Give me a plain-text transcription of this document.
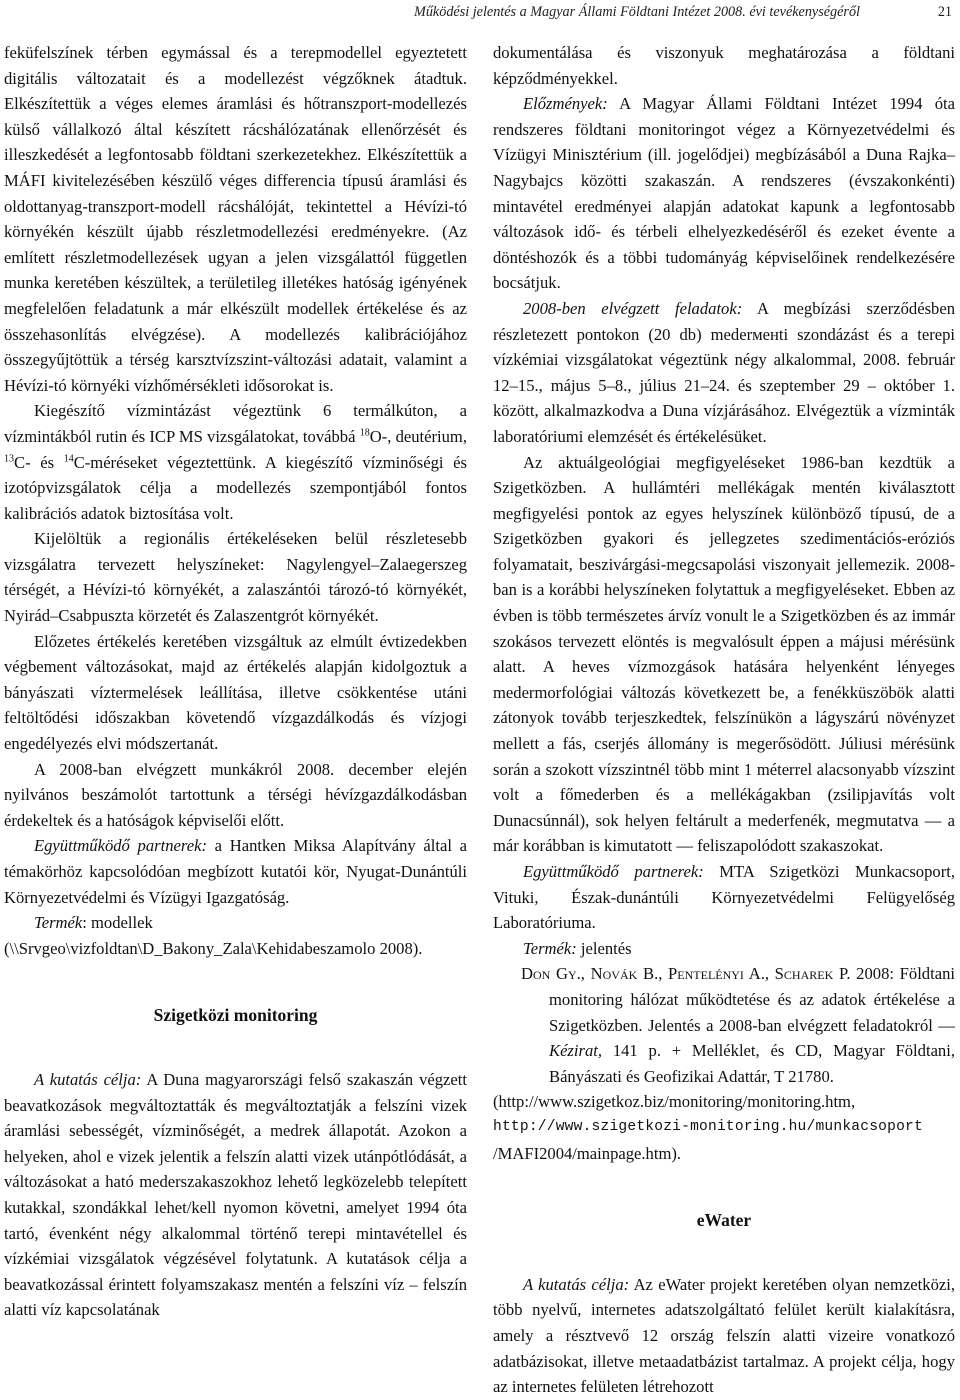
Működési jelentés a Magyar Állami Földtani Intézet 2008. évi tevékenységéről	21

feküfelszínek térben egymással és a terepmodellel egyeztetett digitális változatait és a modellezést végzőknek átadtuk. Elkészítettük a véges elemes áramlási és hőtranszport-modellezés külső vállalkozó által készített rácshálózatának ellenőrzését és illeszkedését a legfontosabb földtani szerkezetekhez. Elkészítettük a MÁFI kivitelezésében készülő véges differencia típusú áramlási és oldottanyag-transzport-modell rácshálóját, tekintettel a Hévízi-tó környékén készült újabb részletmodellezési eredményekre. (Az említett részletmodellezések ugyan a jelen vizsgálattól független munka keretében készültek, a területileg illetékes hatóság igényének megfelelően feladatunk a már elkészült modellek értékelése és az összehasonlítás elvégzése). A modellezés kalibrációjához összegyűjtöttük a térség karsztvízszint-változási adatait, valamint a Hévízi-tó környéki vízhőmérsékleti idősorokat is.

Kiegészítő vízmintázást végeztünk 6 termálkúton, a vízmintákból rutin és ICP MS vizsgálatokat, továbbá $^{18}$O-, deutérium, $^{13}$C- és $^{14}$C-méréseket végeztettünk. A kiegészítő vízminőségi és izotópvizsgálatok célja a modellezés szempontjából fontos kalibrációs adatok biztosítása volt.

Kijelöltük a regionális értékeléseken belül részletesebb vizsgálatra tervezett helyszíneket: Nagylengyel–Zalaegerszeg térségét, a Hévízi-tó környékét, a zalaszántói tározó-tó környékét, Nyirád–Csabpuszta körzetét és Zalaszentgrót környékét.

Előzetes értékelés keretében vizsgáltuk az elmúlt évtizedekben végbement változásokat, majd az értékelés alapján kidolgoztuk a bányászati víztermelések leállítása, illetve csökkentése utáni feltöltődési időszakban követendő vízgazdálkodás és vízjogi engedélyezés elvi módszertanát.

A 2008-ban elvégzett munkákról 2008. december elején nyilvános beszámolót tartottunk a térségi hévízgazdálkodásban érdekeltek és a hatóságok képviselői előtt.

Együttműködő partnerek: a Hantken Miksa Alapítvány által a témakörhöz kapcsolódóan megbízott kutatói kör, Nyugat-Dunántúli Környezetvédelmi és Vízügyi Igazgatóság.

Termék: modellek

(\\Srvgeo\vizfoldtan\D_Bakony_Zala\Kehidabeszamolo 2008).

Szigetközi monitoring

A kutatás célja: A Duna magyarországi felső szakaszán végzett beavatkozások megváltoztatták és megváltoztatják a felszíni vizek áramlási sebességét, vízminőségét, a medrek állapotát. Azokon a helyeken, ahol e vizek jelentik a felszín alatti vizek utánpótlódását, a változásokat a ható mederszakaszokhoz lehető legközelebb telepített kutakkal, szondákkal lehet/kell nyomon követni, amelyet 1994 óta tartó, évenként négy alkalommal történő terepi mintavétellel és vízkémiai vizsgálatok végzésével folytatunk. A kutatások célja a beavatkozással érintett folyamszakasz mentén a felszíni víz – felszín alatti víz kapcsolatának

dokumentálása és viszonyuk meghatározása a földtani képződményekkel.

Előzmények: A Magyar Állami Földtani Intézet 1994 óta rendszeres földtani monitoringot végez a Környezetvédelmi és Vízügyi Minisztérium (ill. jogelődjei) megbízásából a Duna Rajka–Nagybajcs közötti szakaszán. A rendszeres (évszakonkénti) mintavétel eredményei alapján adatokat kapunk a legfontosabb változások idő- és térbeli elhelyezkedéséről és ezeket évente a döntéshozók és a többi tudományág képviselőinek rendelkezésére bocsátjuk.

2008-ben elvégzett feladatok: A megbízási szerződésben részletezett pontokon (20 db) mederменti szondázást és a terepi vízkémiai vizsgálatokat végeztünk négy alkalommal, 2008. február 12–15., május 5–8., július 21–24. és szeptember 29 – október 1. között, alkalmazkodva a Duna vízjárásához. Elvégeztük a vízminták laboratóriumi elemzését és értékelésüket.

Az aktuálgeológiai megfigyeléseket 1986-ban kezdtük a Szigetközben. A hullámtéri mellékágak mentén kiválasztott megfigyelési pontok az egyes helyszínek különböző típusú, de a Szigetközben gyakori és jellegzetes szedimentációs-eróziós folyamatait, beszivárgási-megcsapolási viszonyait jellemezik. 2008-ban is a korábbi helyszíneken folytattuk a megfigyeléseket. Ebben az évben is több természetes árvíz vonult le a Szigetközben és az immár szokásos tervezett elöntés is megvalósult éppen a májusi mérésünk alatt. A heves vízmozgások hatására helyenként lényeges medermorfológiai változás következett be, a fenékküszöbök alatti zátonyok tovább terjeszkedtek, felszínükön a lágyszárú növényzet mellett a fás, cserjés állomány is megerősödött. Júliusi mérésünk során a szokott vízszintnél több mint 1 méterrel alacsonyabb vízszint volt a főmederben és a mellékágakban (zsilipjavítás volt Dunacsúnnál), sok helyen feltárult a mederfenék, megmutatva — a már korábban is kimutatott — feliszapolódott szakaszokat.

Együttműködő partnerek: MTA Szigetközi Munkacsoport, Vituki, Észak-dunántúli Környezetvédelmi Felügyelőség Laboratóriuma.

Termék: jelentés

Don Gy., Novák B., Pentelényi A., Scharek P. 2008: Földtani monitoring hálózat működtetése és az adatok értékelése a Szigetközben. Jelentés a 2008-ban elvégzett feladatokról — Kézirat, 141 p. + Melléklet, és CD, Magyar Földtani, Bányászati és Geofizikai Adattár, T 21780.

(http://www.szigetkoz.biz/monitoring/monitoring.htm,

http://www.szigetkozi-monitoring.hu/munkacsoport

/MAFI2004/mainpage.htm).

eWater

A kutatás célja: Az eWater projekt keretében olyan nemzetközi, több nyelvű, internetes adatszolgáltató felület került kialakításra, amely a résztvevő 12 ország felszín alatti vizeire vonatkozó adatbázisokat, illetve metaadatbázist tartalmaz. A projekt célja, hogy az internetes felületen létrehozott
